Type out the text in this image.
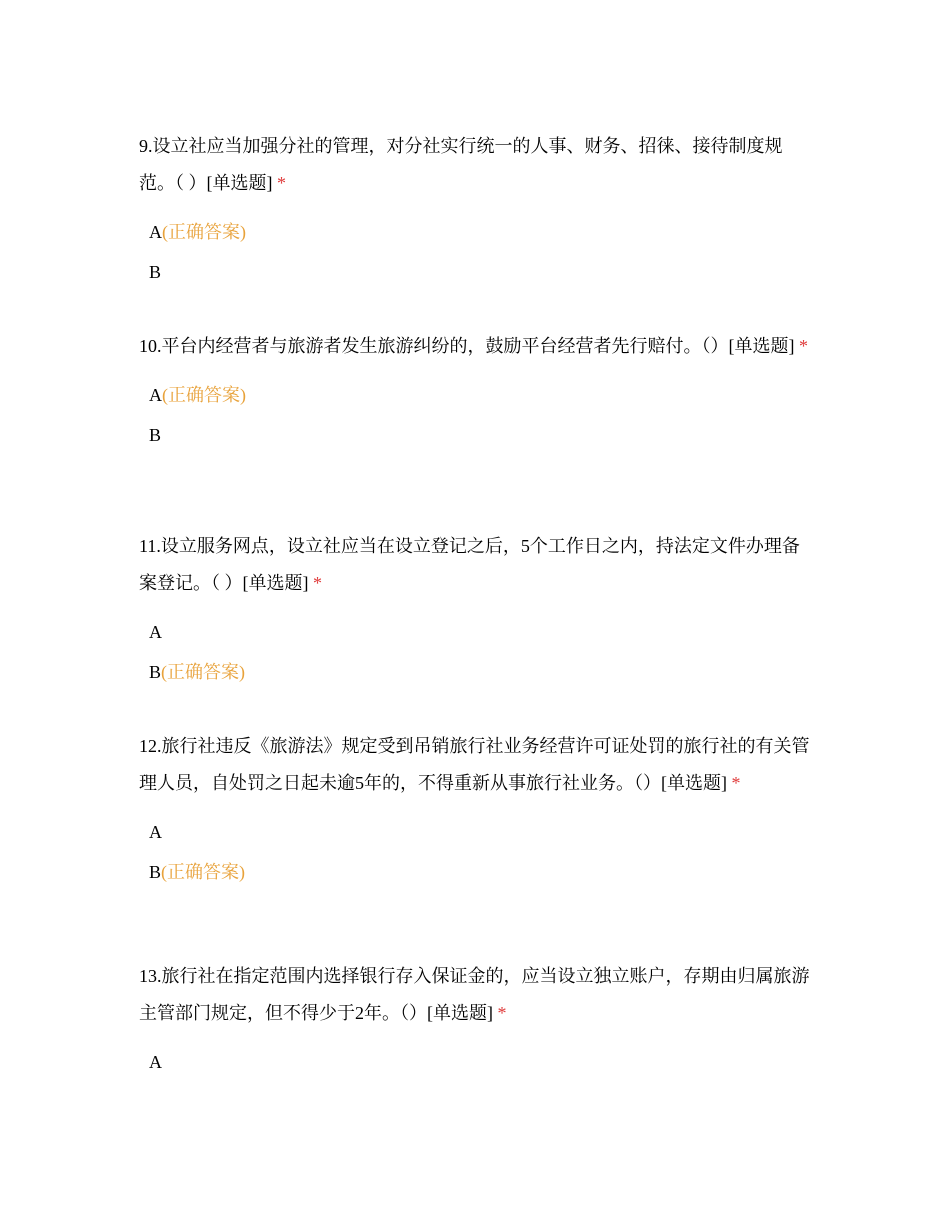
9.设立社应当加强分社的管理，对分社实行统一的人事、财务、招徕、接待制度规范。（ ）[单选题] *

A(正确答案)
B

10.平台内经营者与旅游者发生旅游纠纷的，鼓励平台经营者先行赔付。（）[单选题] *

A(正确答案)
B

11.设立服务网点，设立社应当在设立登记之后，5个工作日之内，持法定文件办理备案登记。（ ）[单选题] *

A
B(正确答案)

12.旅行社违反《旅游法》规定受到吊销旅行社业务经营许可证处罚的旅行社的有关管理人员，自处罚之日起未逾5年的，不得重新从事旅行社业务。（）[单选题] *

A
B(正确答案)

13.旅行社在指定范围内选择银行存入保证金的，应当设立独立账户，存期由归属旅游主管部门规定，但不得少于2年。（）[单选题] *

A
